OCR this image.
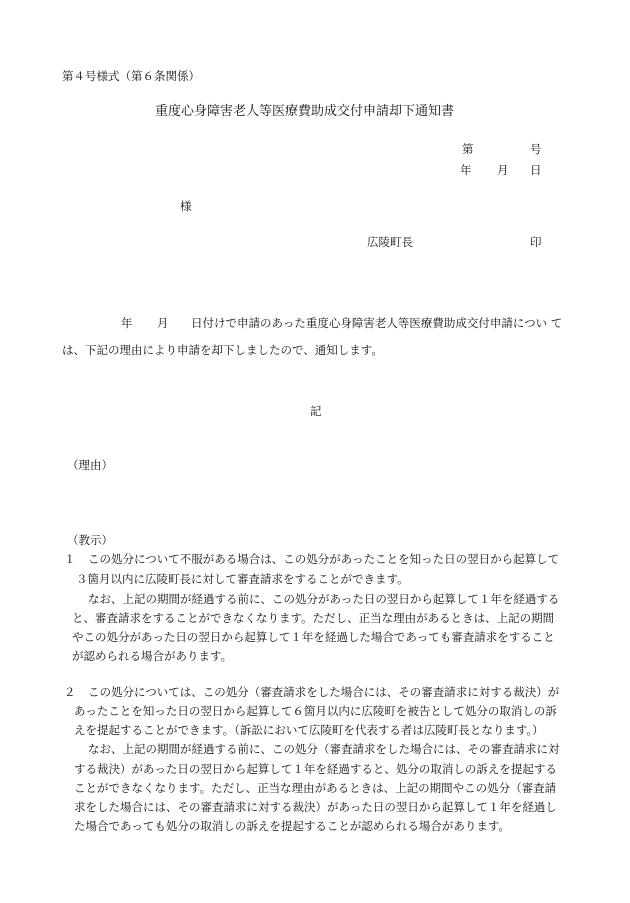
第４号様式（第６条関係）
重度心身障害老人等医療費助成交付申請却下通知書
第	号
年 月 日
様
広陵町長	印
年 月 日付けで申請のあった重度心身障害老人等医療費助成交付申請につい て
は、下記の理由により申請を却下しましたので、通知します。
記
（理由）
（教示）
１ この処分について不服がある場合は、この処分があったことを知った日の翌日から起算して
３箇月以内に広陵町長に対して審査請求をすることができます。
なお、上記の期間が経過する前に、この処分があった日の翌日から起算して１年を経過する
と、審査請求をすることができなくなります。ただし、正当な理由があるときは、上記の期間
やこの処分があった日の翌日から起算して１年を経過した場合であっても審査請求をすること
が認められる場合があります。
２ この処分については、この処分（審査請求をした場合には、その審査請求に対する裁決）が
あったことを知った日の翌日から起算して６箇月以内に広陵町を被告として処分の取消しの訴
えを提起することができます。（訴訟において広陵町を代表する者は広陵町長となります。）
なお、上記の期間が経過する前に、この処分（審査請求をした場合には、その審査請求に対
する裁決）があった日の翌日から起算して１年を経過すると、処分の取消しの訴えを提起する
ことができなくなります。ただし、正当な理由があるときは、上記の期間やこの処分（審査請
求をした場合には、その審査請求に対する裁決）があった日の翌日から起算して１年を経過し
た場合であっても処分の取消しの訴えを提起することが認められる場合があります。
